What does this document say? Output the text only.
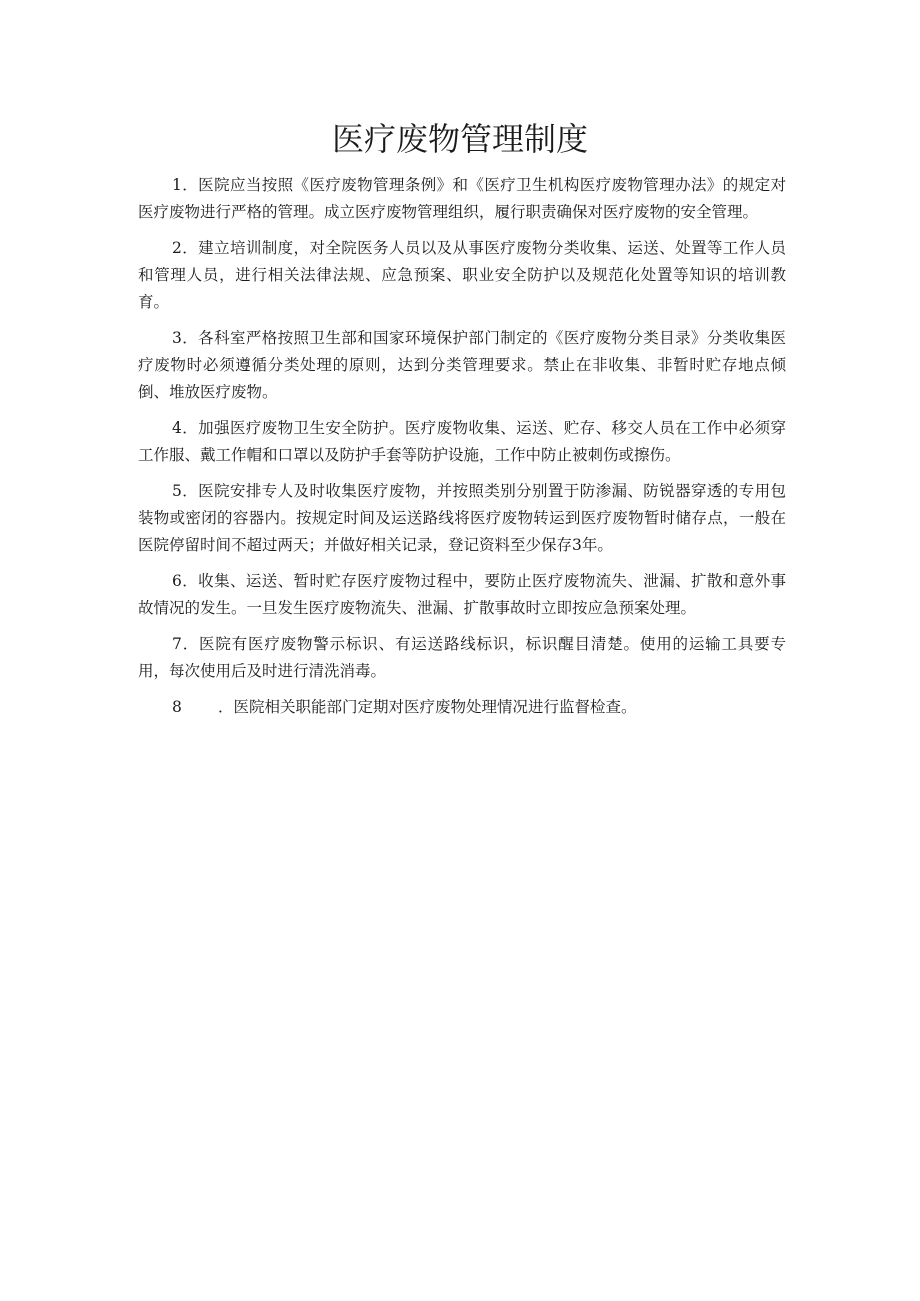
医疗废物管理制度
1．医院应当按照《医疗废物管理条例》和《医疗卫生机构医疗废物管理办法》的规定对医疗废物进行严格的管理。成立医疗废物管理组织，履行职责确保对医疗废物的安全管理。
2．建立培训制度，对全院医务人员以及从事医疗废物分类收集、运送、处置等工作人员和管理人员，进行相关法律法规、应急预案、职业安全防护以及规范化处置等知识的培训教育。
3．各科室严格按照卫生部和国家环境保护部门制定的《医疗废物分类目录》分类收集医疗废物时必须遵循分类处理的原则，达到分类管理要求。禁止在非收集、非暂时贮存地点倾倒、堆放医疗废物。
4．加强医疗废物卫生安全防护。医疗废物收集、运送、贮存、移交人员在工作中必须穿工作服、戴工作帽和口罩以及防护手套等防护设施，工作中防止被刺伤或擦伤。
5．医院安排专人及时收集医疗废物，并按照类别分别置于防渗漏、防锐器穿透的专用包装物或密闭的容器内。按规定时间及运送路线将医疗废物转运到医疗废物暂时储存点，一般在医院停留时间不超过两天；并做好相关记录，登记资料至少保存3年。
6．收集、运送、暂时贮存医疗废物过程中，要防止医疗废物流失、泄漏、扩散和意外事故情况的发生。一旦发生医疗废物流失、泄漏、扩散事故时立即按应急预案处理。
7．医院有医疗废物警示标识、有运送路线标识，标识醒目清楚。使用的运输工具要专用，每次使用后及时进行清洗消毒。
8 ．医院相关职能部门定期对医疗废物处理情况进行监督检查。
